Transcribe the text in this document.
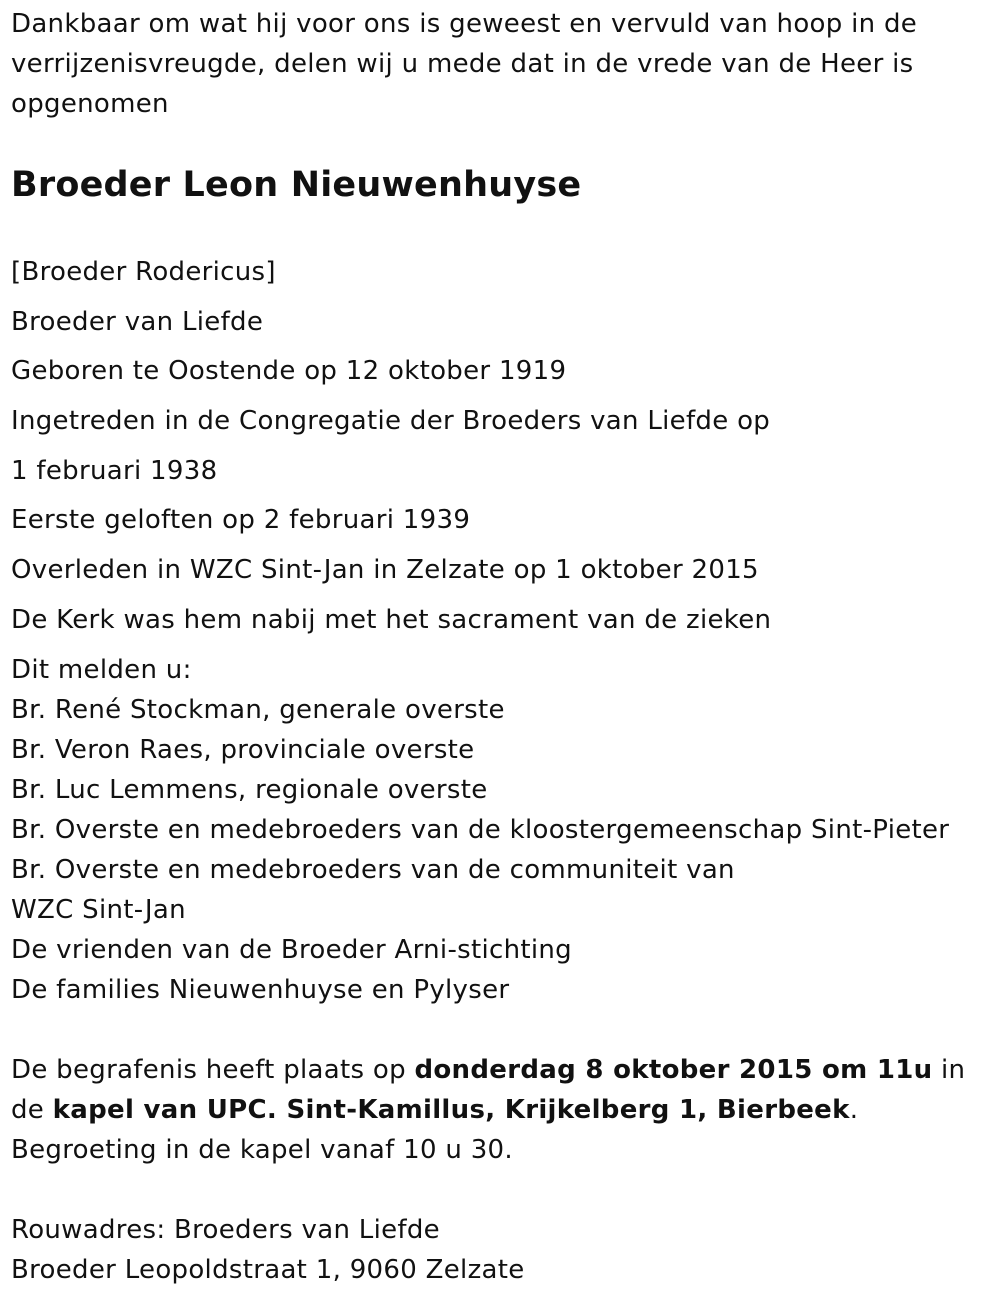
Dankbaar om wat hij voor ons is geweest en vervuld van hoop in de verrijzenisvreugde, delen wij u mede dat in de vrede van de Heer is opgenomen
Broeder Leon Nieuwenhuyse
[Broeder Rodericus]
Broeder van Liefde
Geboren te Oostende op 12 oktober 1919
Ingetreden in de Congregatie der Broeders van Liefde op
1 februari 1938
Eerste geloften op 2 februari 1939
Overleden in WZC Sint-Jan in Zelzate op 1 oktober 2015
De Kerk was hem nabij met het sacrament van de zieken
Dit melden u:
Br. René Stockman, generale overste
Br. Veron Raes, provinciale overste
Br. Luc Lemmens, regionale overste
Br. Overste en medebroeders van de kloostergemeenschap Sint-Pieter
Br. Overste en medebroeders van de communiteit van
WZC Sint-Jan
De vrienden van de Broeder Arni-stichting
De families Nieuwenhuyse en Pylyser
De begrafenis heeft plaats op donderdag 8 oktober 2015 om 11u in de kapel van UPC. Sint-Kamillus, Krijkelberg 1, Bierbeek. Begroeting in de kapel vanaf 10 u 30.
Rouwadres: Broeders van Liefde
Broeder Leopoldstraat 1, 9060 Zelzate
